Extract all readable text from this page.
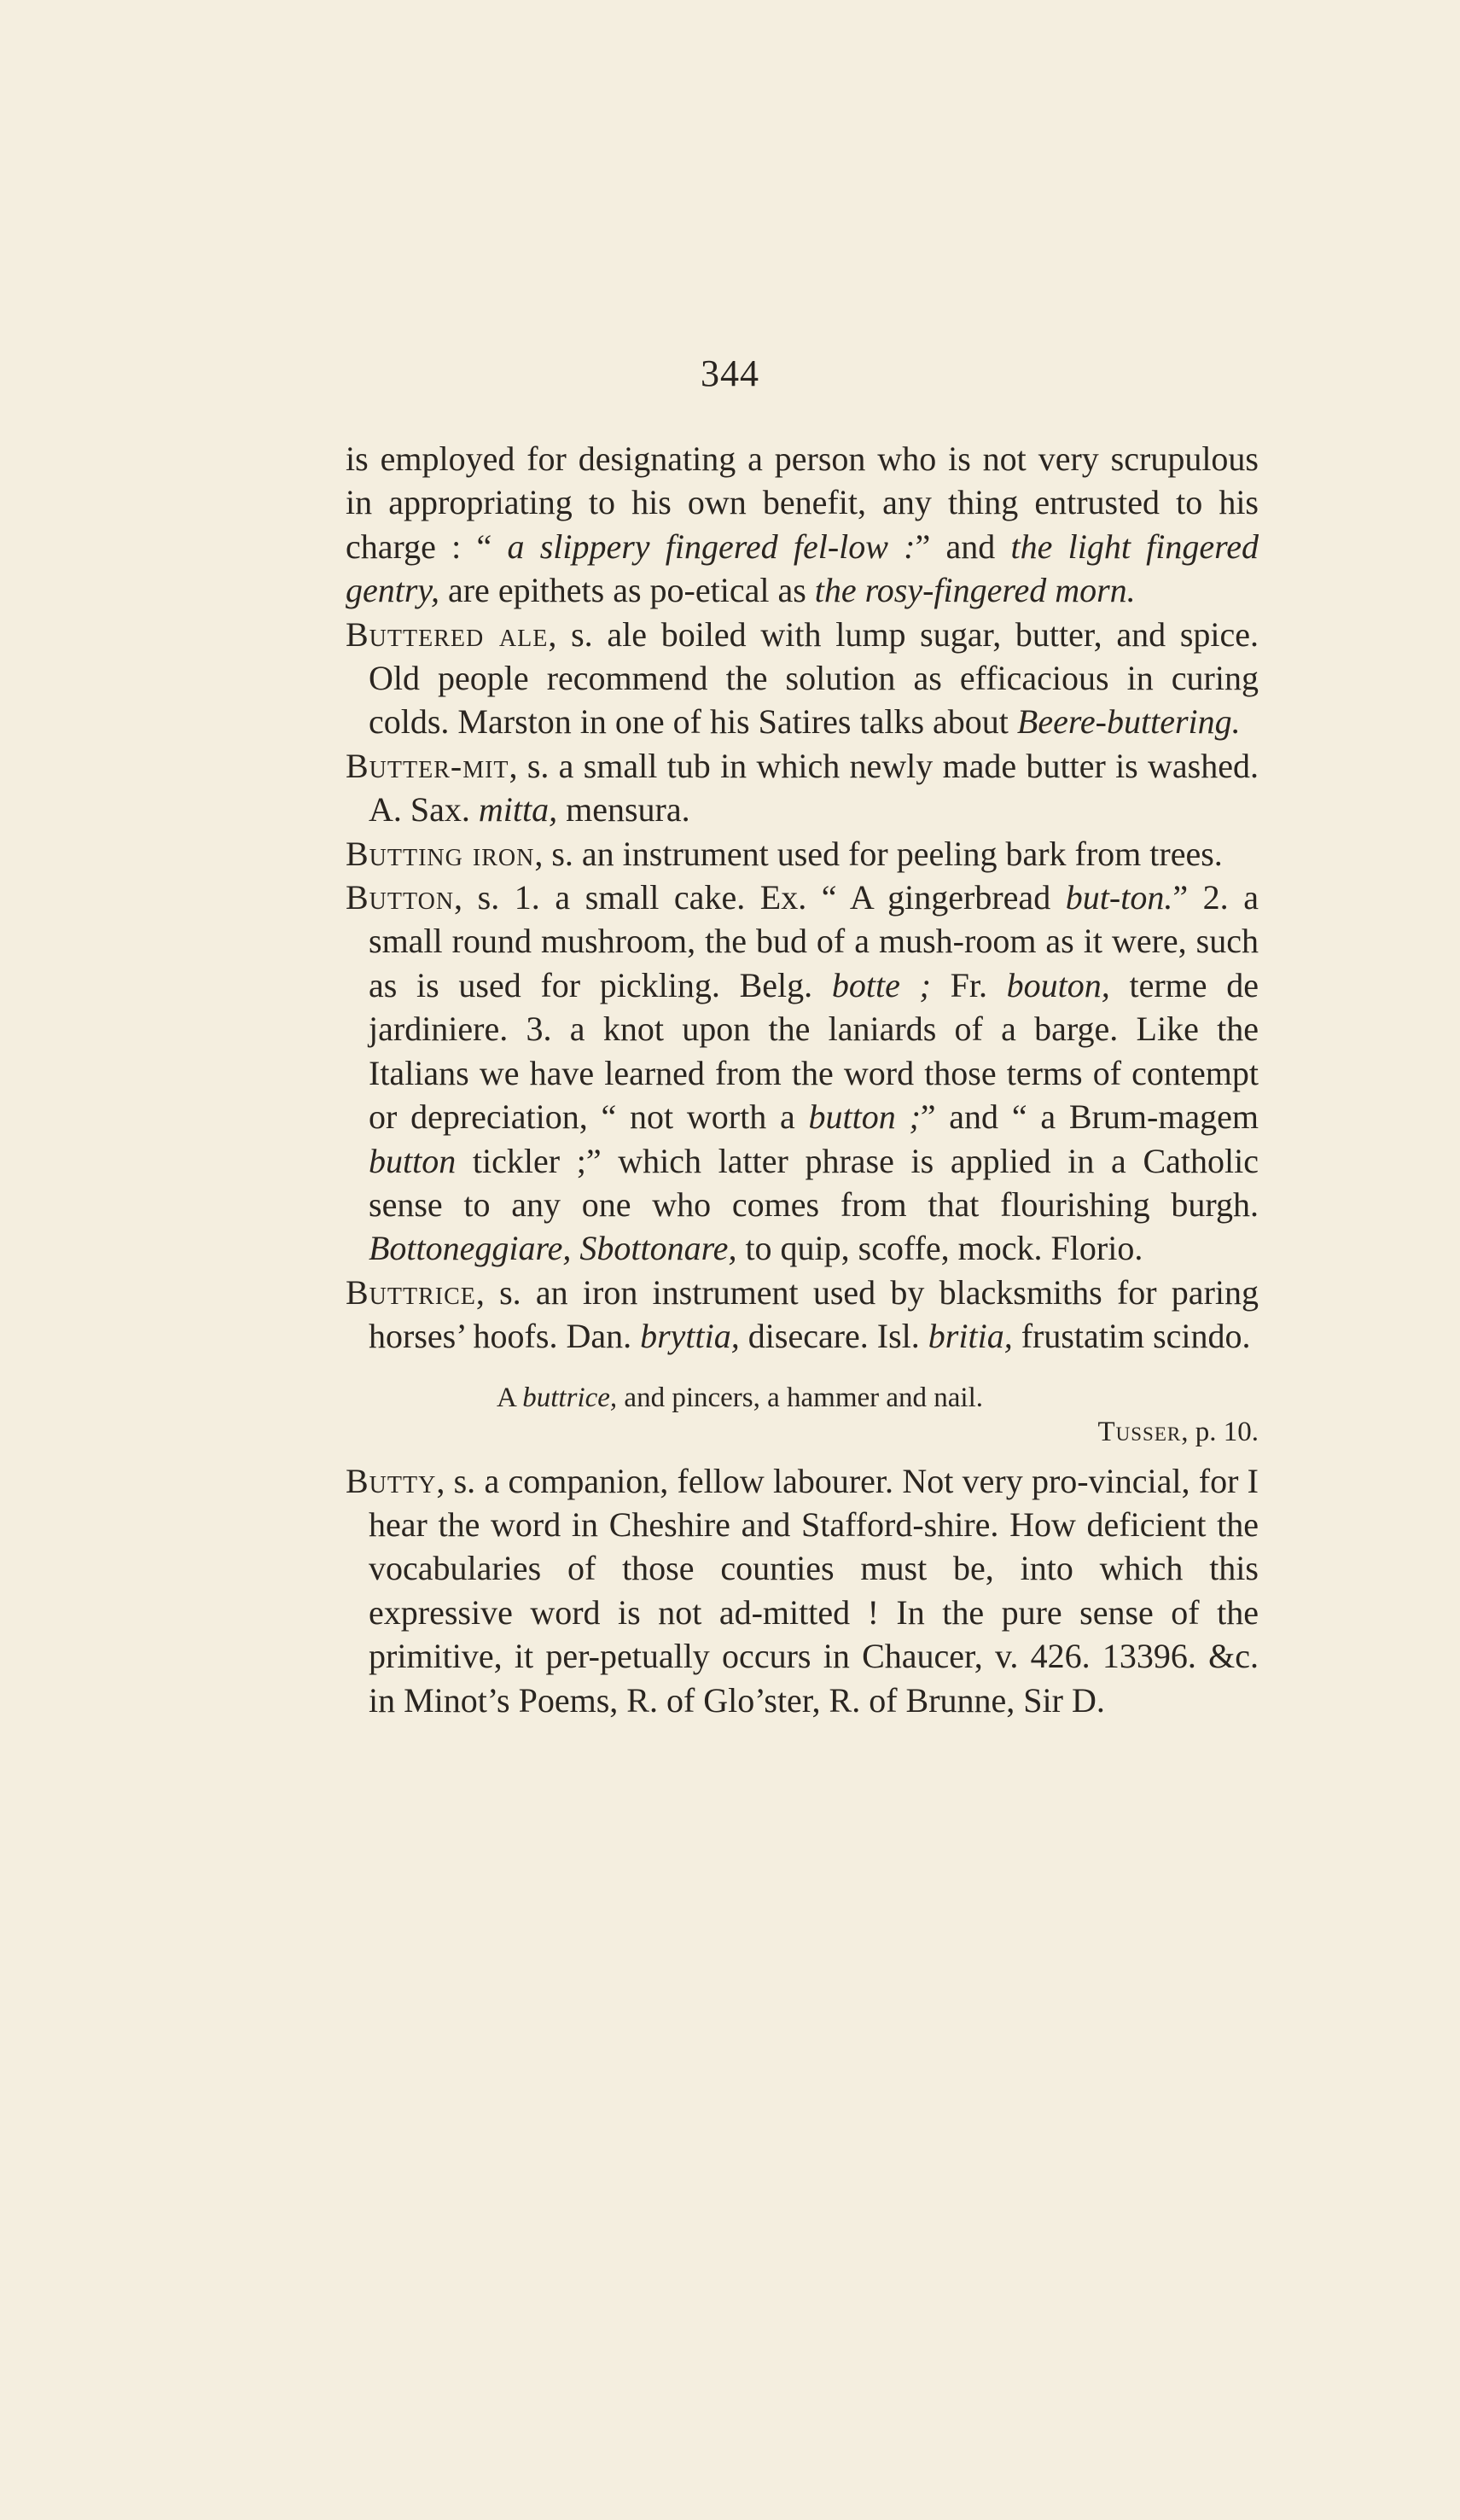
344

is employed for designating a person who is not very scrupulous in appropriating to his own benefit, any thing entrusted to his charge : “ a slippery fingered fel-low :” and the light fingered gentry, are epithets as po-etical as the rosy-fingered morn.

Buttered ale, s. ale boiled with lump sugar, butter, and spice. Old people recommend the solution as efficacious in curing colds. Marston in one of his Satires talks about Beere-buttering.

Butter-mit, s. a small tub in which newly made butter is washed. A. Sax. mitta, mensura.

Butting iron, s. an instrument used for peeling bark from trees.

Button, s. 1. a small cake. Ex. “ A gingerbread but-ton.” 2. a small round mushroom, the bud of a mush-room as it were, such as is used for pickling. Belg. botte ; Fr. bouton, terme de jardiniere. 3. a knot upon the laniards of a barge. Like the Italians we have learned from the word those terms of contempt or depreciation, “ not worth a button ;” and “ a Brum-magem button tickler ;” which latter phrase is applied in a Catholic sense to any one who comes from that flourishing burgh. Bottoneggiare, Sbottonare, to quip, scoffe, mock. Florio.

Buttrice, s. an iron instrument used by blacksmiths for paring horses’ hoofs. Dan. bryttia, disecare. Isl. britia, frustatim scindo.

A buttrice, and pincers, a hammer and nail.
Tusser, p. 10.

Butty, s. a companion, fellow labourer. Not very pro-vincial, for I hear the word in Cheshire and Stafford-shire. How deficient the vocabularies of those counties must be, into which this expressive word is not ad-mitted ! In the pure sense of the primitive, it per-petually occurs in Chaucer, v. 426. 13396. &c. in Minot’s Poems, R. of Glo’ster, R. of Brunne, Sir D.
